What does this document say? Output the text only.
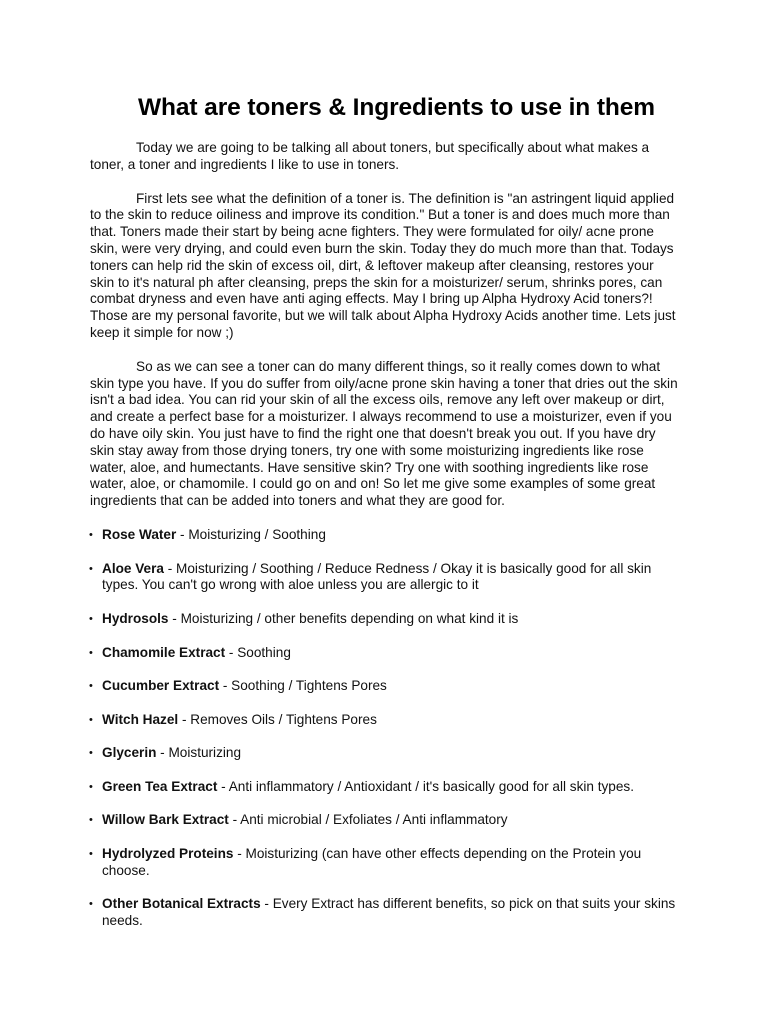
What are toners & Ingredients to use in them

Today we are going to be talking all about toners, but specifically about what makes a toner, a toner and ingredients I like to use in toners.

First lets see what the definition of a toner is. The definition is "an astringent liquid applied to the skin to reduce oiliness and improve its condition." But a toner is and does much more than that. Toners made their start by being acne fighters. They were formulated for oily/ acne prone skin, were very drying, and could even burn the skin. Today they do much more than that. Todays toners can help rid the skin of excess oil, dirt, & leftover makeup after cleansing, restores your skin to it's natural ph after cleansing, preps the skin for a moisturizer/ serum, shrinks pores, can combat dryness and even have anti aging effects. May I bring up Alpha Hydroxy Acid toners?! Those are my personal favorite, but we will talk about Alpha Hydroxy Acids another time. Lets just keep it simple for now ;)

So as we can see a toner can do many different things, so it really comes down to what skin type you have. If you do suffer from oily/acne prone skin having a toner that dries out the skin isn't a bad idea. You can rid your skin of all the excess oils, remove any left over makeup or dirt, and create a perfect base for a moisturizer. I always recommend to use a moisturizer, even if you do have oily skin. You just have to find the right one that doesn't break you out. If you have dry skin stay away from those drying toners, try one with some moisturizing ingredients like rose water, aloe, and humectants. Have sensitive skin? Try one with soothing ingredients like rose water, aloe, or chamomile. I could go on and on! So let me give some examples of some great ingredients that can be added into toners and what they are good for.

• Rose Water - Moisturizing / Soothing
• Aloe Vera - Moisturizing / Soothing / Reduce Redness / Okay it is basically good for all skin types. You can't go wrong with aloe unless you are allergic to it
• Hydrosols - Moisturizing / other benefits depending on what kind it is
• Chamomile Extract - Soothing
• Cucumber Extract - Soothing / Tightens Pores
• Witch Hazel - Removes Oils / Tightens Pores
• Glycerin - Moisturizing
• Green Tea Extract - Anti inflammatory / Antioxidant / it's basically good for all skin types.
• Willow Bark Extract - Anti microbial / Exfoliates / Anti inflammatory
• Hydrolyzed Proteins - Moisturizing (can have other effects depending on the Protein you choose.
• Other Botanical Extracts - Every Extract has different benefits, so pick on that suits your skins needs.
